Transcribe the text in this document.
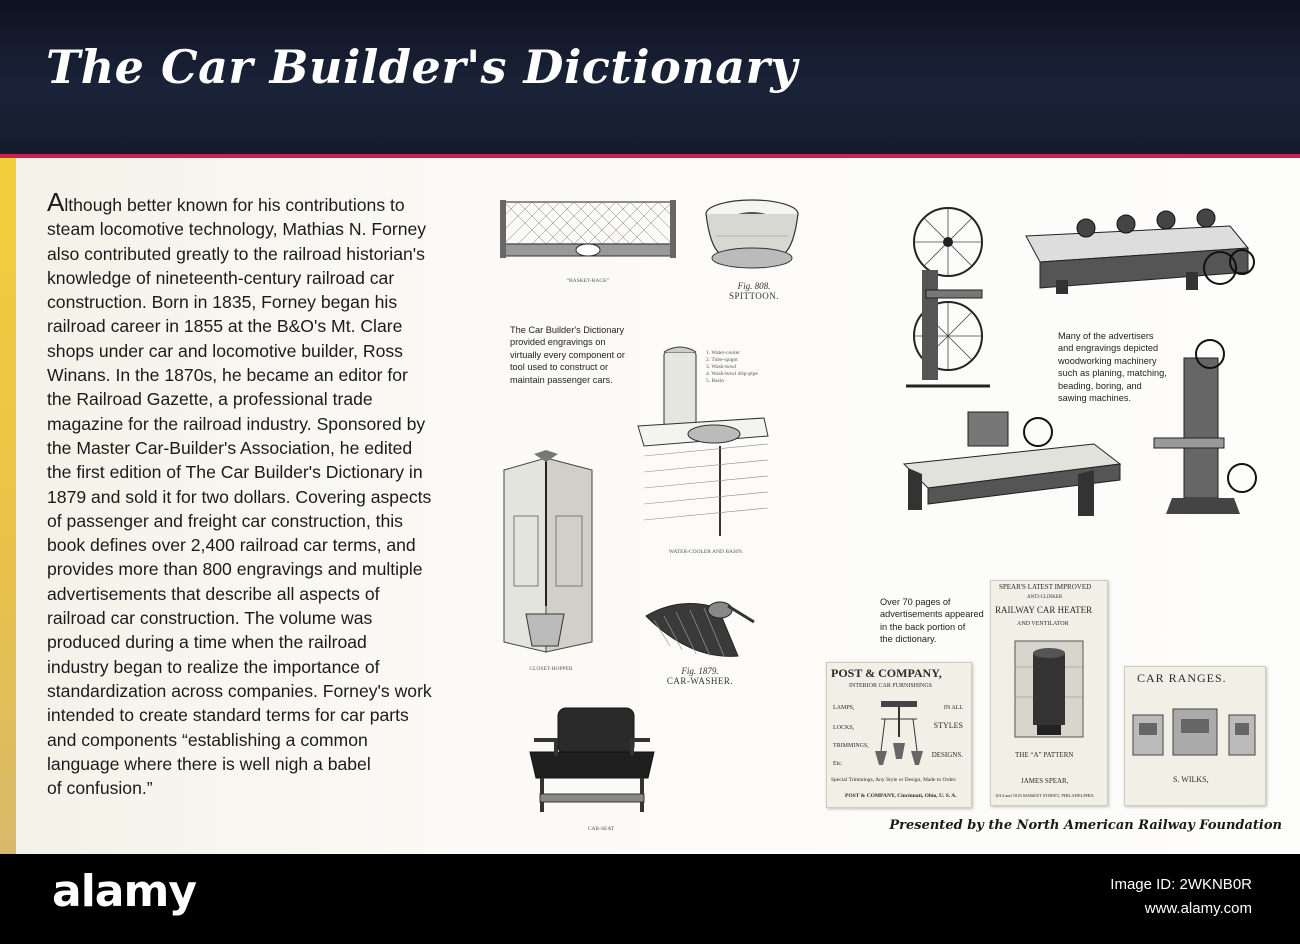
The Car Builder's Dictionary

Although better known for his contributions to
steam locomotive technology, Mathias N. Forney
also contributed greatly to the railroad historian's
knowledge of nineteenth-century railroad car
construction. Born in 1835, Forney began his
railroad career in 1855 at the B&O's Mt. Clare
shops under car and locomotive builder, Ross
Winans. In the 1870s, he became an editor for
the Railroad Gazette, a professional trade
magazine for the railroad industry. Sponsored by
the Master Car-Builder's Association, he edited
the first edition of The Car Builder's Dictionary in
1879 and sold it for two dollars. Covering aspects
of passenger and freight car construction, this
book defines over 2,400 railroad car terms, and
provides more than 800 engravings and multiple
advertisements that describe all aspects of
railroad car construction. The volume was
produced during a time when the railroad
industry began to realize the importance of
standardization across companies. Forney's work
intended to create standard terms for car parts
and components “establishing a common
language where there is well nigh a babel
of confusion.”

“BASKET-RACK”	Fig. 808.
SPITTOON.

The Car Builder's Dictionary
provided engravings on
virtually every component or
tool used to construct or
maintain passenger cars.

1. Water-cooler
2. Tube-spigot
3. Wash-bowl
4. Wash-bowl drip-pipe
5. Basin

WATER-COOLER AND BASIN.

CLOSET-HOPPER	Fig. 1879.
CAR-WASHER.

CAR-SEAT

Many of the advertisers
and engravings depicted
woodworking machinery
such as planing, matching,
beading, boring, and
sawing machines.

Over 70 pages of
advertisements appeared
in the back portion of
the dictionary.

POST & COMPANY,
INTERIOR CAR FURNISHINGS
LAMPS,
LOCKS,
TRIMMINGS,
Etc.
IN ALL
STYLES
DESIGNS.
Special Trimmings, Any Style or Design, Made to Order.
POST & COMPANY, Cincinnati, Ohio, U. S. A.
SPEAR'S LATEST IMPROVED
ANTI-CLINKER
RAILWAY CAR HEATER
AND VENTILATOR
THE “A” PATTERN
JAMES SPEAR,
1014 and 1016 MARKET STREET, PHILADELPHIA
CAR RANGES.
S. WILKS,

Presented by the North American Railway Foundation

alamy	Image ID: 2WKNB0R

www.alamy.com
